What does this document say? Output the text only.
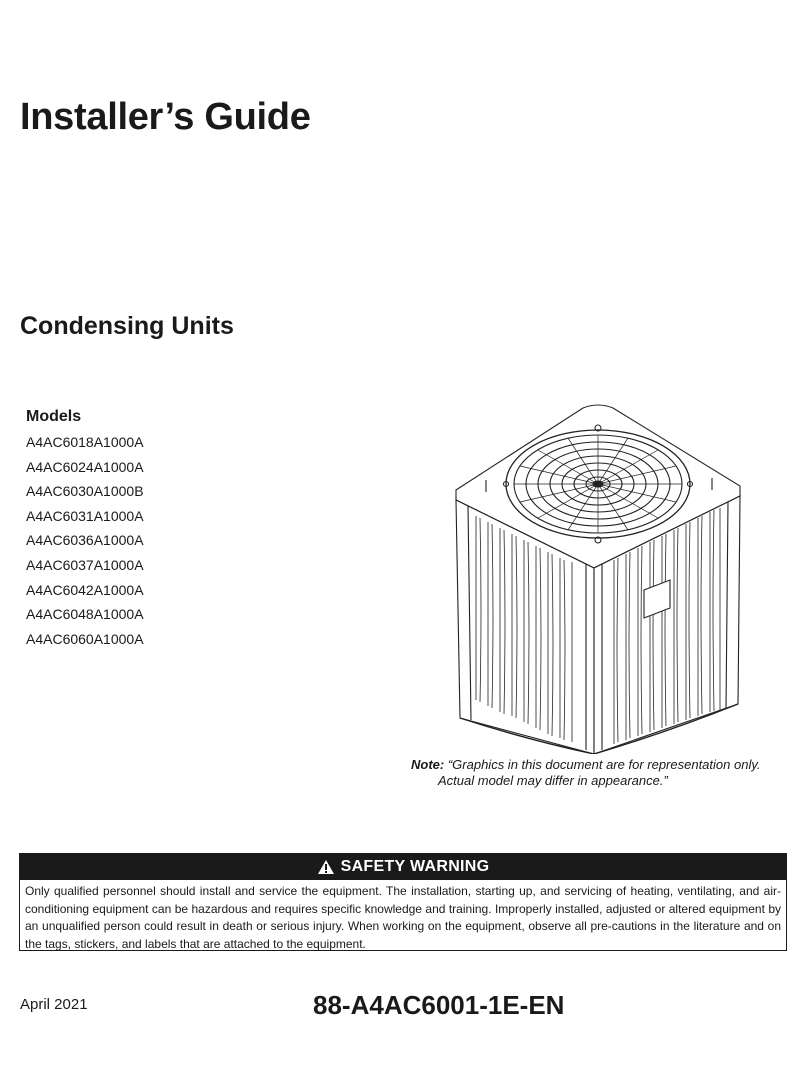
Installer’s Guide
Condensing Units
Models
A4AC6018A1000A
A4AC6024A1000A
A4AC6030A1000B
A4AC6031A1000A
A4AC6036A1000A
A4AC6037A1000A
A4AC6042A1000A
A4AC6048A1000A
A4AC6060A1000A
Note: “Graphics in this document are for representation only.
Actual model may differ in appearance.”
SAFETY WARNING

Only qualified personnel should install and service the equipment. The installation, starting up, and servicing of heating, ventilating, and air-conditioning equipment can be hazardous and requires specific knowledge and training. Improperly installed, adjusted or altered equipment by an unqualified person could result in death or serious injury. When working on the equipment, observe all pre-cautions in the literature and on the tags, stickers, and labels that are attached to the equipment.

April 2021	88-A4AC6001-1E-EN
